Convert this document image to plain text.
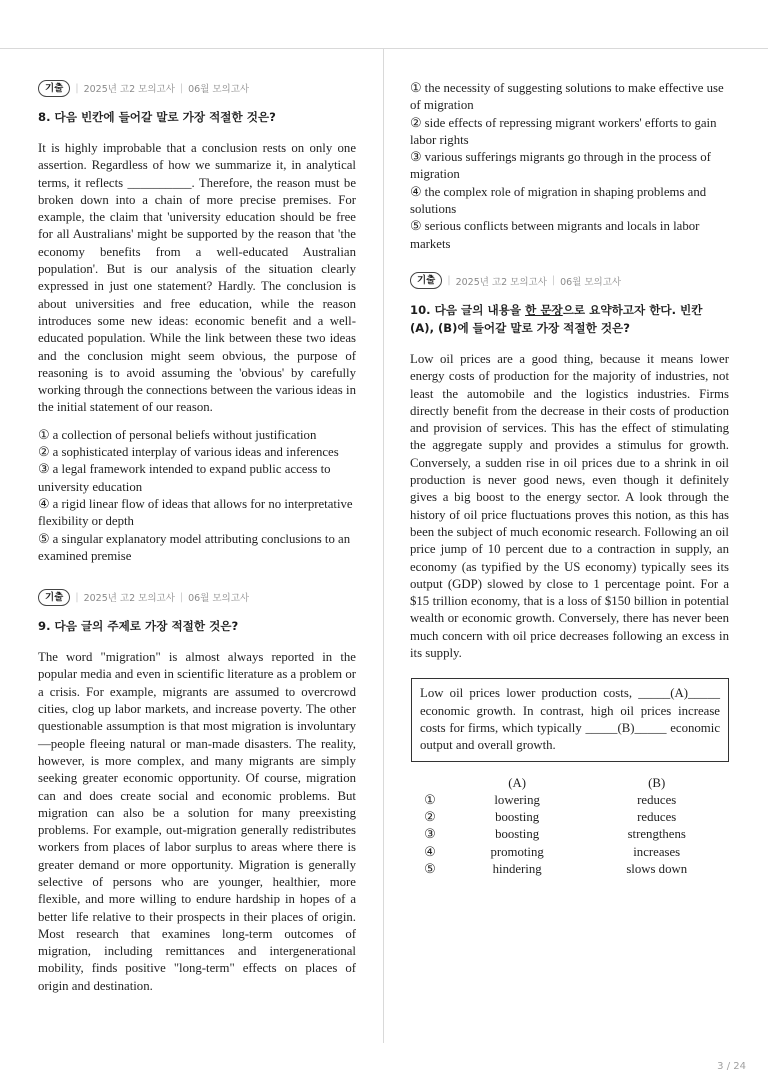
기출	| 2025년 고2 모의고사 | 06월 모의고사
8. 다음 빈칸에 들어갈 말로 가장 적절한 것은?
It is highly improbable that a conclusion rests on only one assertion. Regardless of how we summarize it, in analytical terms, it reflects __________. Therefore, the reason must be broken down into a chain of more precise premises. For example, the claim that 'university education should be free for all Australians' might be supported by the reason that 'the economy benefits from a well-educated Australian population'. But is our analysis of the situation clearly expressed in just one statement? Hardly. The conclusion is about universities and free education, while the reason introduces some new ideas: economic benefit and a well-educated population. While the link between these two ideas and the conclusion might seem obvious, the purpose of reasoning is to avoid assuming the 'obvious' by carefully working through the connections between the various ideas in the initial statement of our reason.
① a collection of personal beliefs without justification
② a sophisticated interplay of various ideas and inferences
③ a legal framework intended to expand public access to university education
④ a rigid linear flow of ideas that allows for no interpretative flexibility or depth
⑤ a singular explanatory model attributing conclusions to an examined premise
기출	| 2025년 고2 모의고사 | 06월 모의고사
9. 다음 글의 주제로 가장 적절한 것은?
The word "migration" is almost always reported in the popular media and even in scientific literature as a problem or a crisis. For example, migrants are assumed to overcrowd cities, clog up labor markets, and increase poverty. The other questionable assumption is that most migration is involuntary—people fleeing natural or man-made disasters. The reality, however, is more complex, and many migrants are simply seeking greater economic opportunity. Of course, migration can and does create social and economic problems. But migration can also be a solution for many preexisting problems. For example, out-migration generally redistributes workers from places of labor surplus to areas where there is greater demand or more opportunity. Migration is generally selective of persons who are younger, healthier, more flexible, and more willing to endure hardship in hopes of a better life relative to their prospects in their places of origin. Most research that examines long-term outcomes of migration, including remittances and intergenerational mobility, finds positive "long-term" effects on places of origin and destination.
① the necessity of suggesting solutions to make effective use of migration
② side effects of repressing migrant workers' efforts to gain labor rights
③ various sufferings migrants go through in the process of migration
④ the complex role of migration in shaping problems and solutions
⑤ serious conflicts between migrants and locals in labor markets
기출	| 2025년 고2 모의고사 | 06월 모의고사
10. 다음 글의 내용을 한 문장으로 요약하고자 한다. 빈칸 (A), (B)에 들어갈 말로 가장 적절한 것은?
Low oil prices are a good thing, because it means lower energy costs of production for the majority of industries, not least the automobile and the logistics industries. Firms directly benefit from the decrease in their costs of production and provision of services. This has the effect of stimulating the aggregate supply and provides a stimulus for growth. Conversely, a sudden rise in oil prices due to a shrink in oil production is never good news, even though it definitely gives a big boost to the energy sector. A look through the history of oil price fluctuations proves this notion, as this has been the subject of much economic research. Following an oil price jump of 10 percent due to a contraction in supply, an economy (as typified by the US economy) typically sees its output (GDP) slowed by close to 1 percentage point. For a $15 trillion economy, that is a loss of $150 billion in potential wealth or economic growth. Conversely, there has never been much concern with oil price decreases following an excess in its supply.
Low oil prices lower production costs, _____(A)_____ economic growth. In contrast, high oil prices increase costs for firms, which typically _____(B)_____ economic output and overall growth.
	(A)	(B)
①	lowering	reduces
②	boosting	reduces
③	boosting	strengthens
④	promoting	increases
⑤	hindering	slows down
3 / 24
